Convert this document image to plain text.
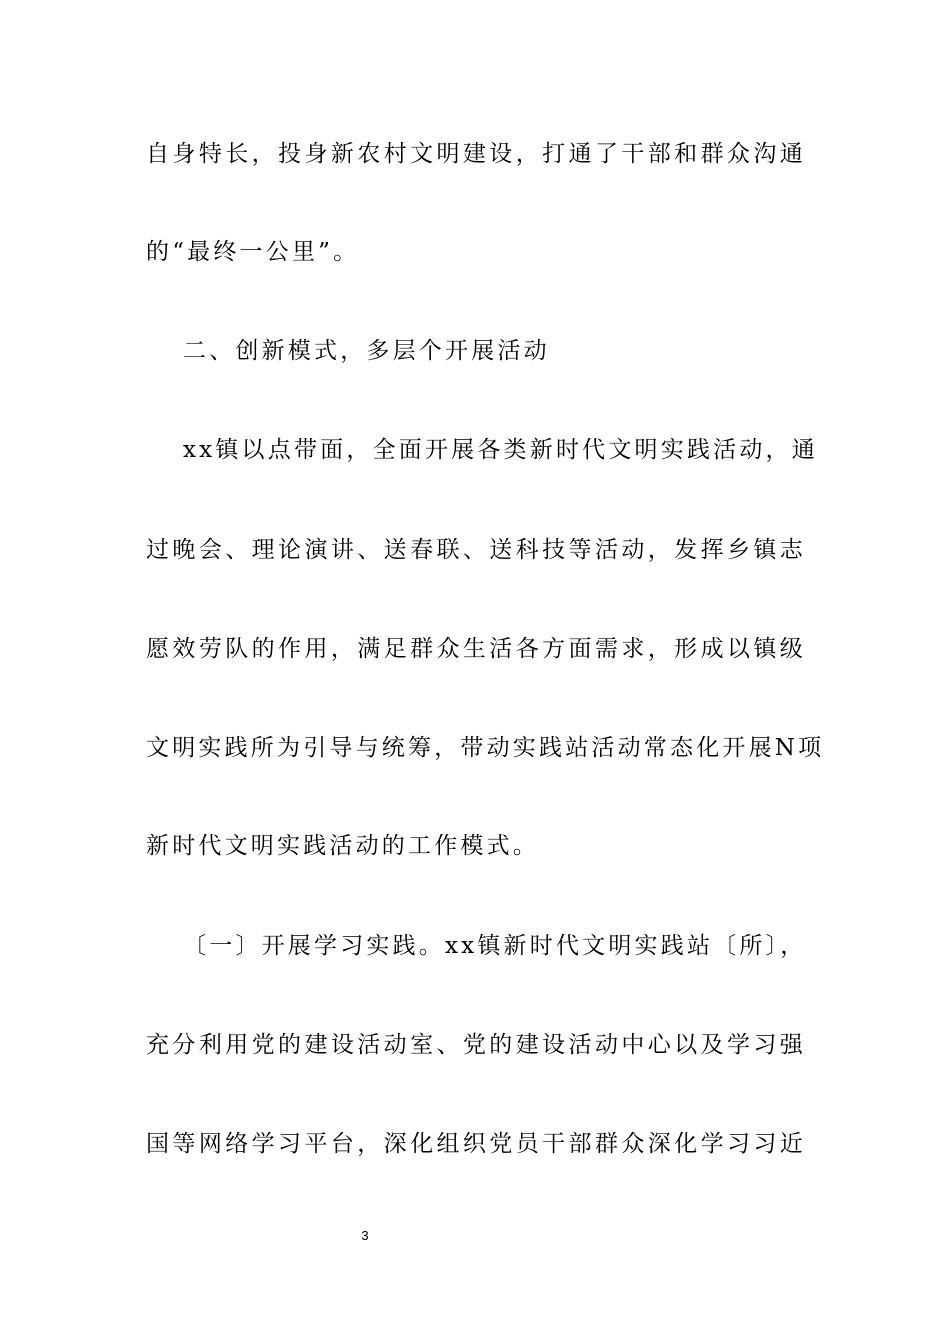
自身特长，投身新农村文明建设，打通了干部和群众沟通
的“最终一公里”。
二、创新模式，多层个开展活动
xx镇以点带面，全面开展各类新时代文明实践活动，通
过晚会、理论演讲、送春联、送科技等活动，发挥乡镇志
愿效劳队的作用，满足群众生活各方面需求，形成以镇级
文明实践所为引导与统筹，带动实践站活动常态化开展N项
新时代文明实践活动的工作模式。
〔一〕开展学习实践。xx镇新时代文明实践站〔所〕，
充分利用党的建设活动室、党的建设活动中心以及学习强
国等网络学习平台，深化组织党员干部群众深化学习习近
3
